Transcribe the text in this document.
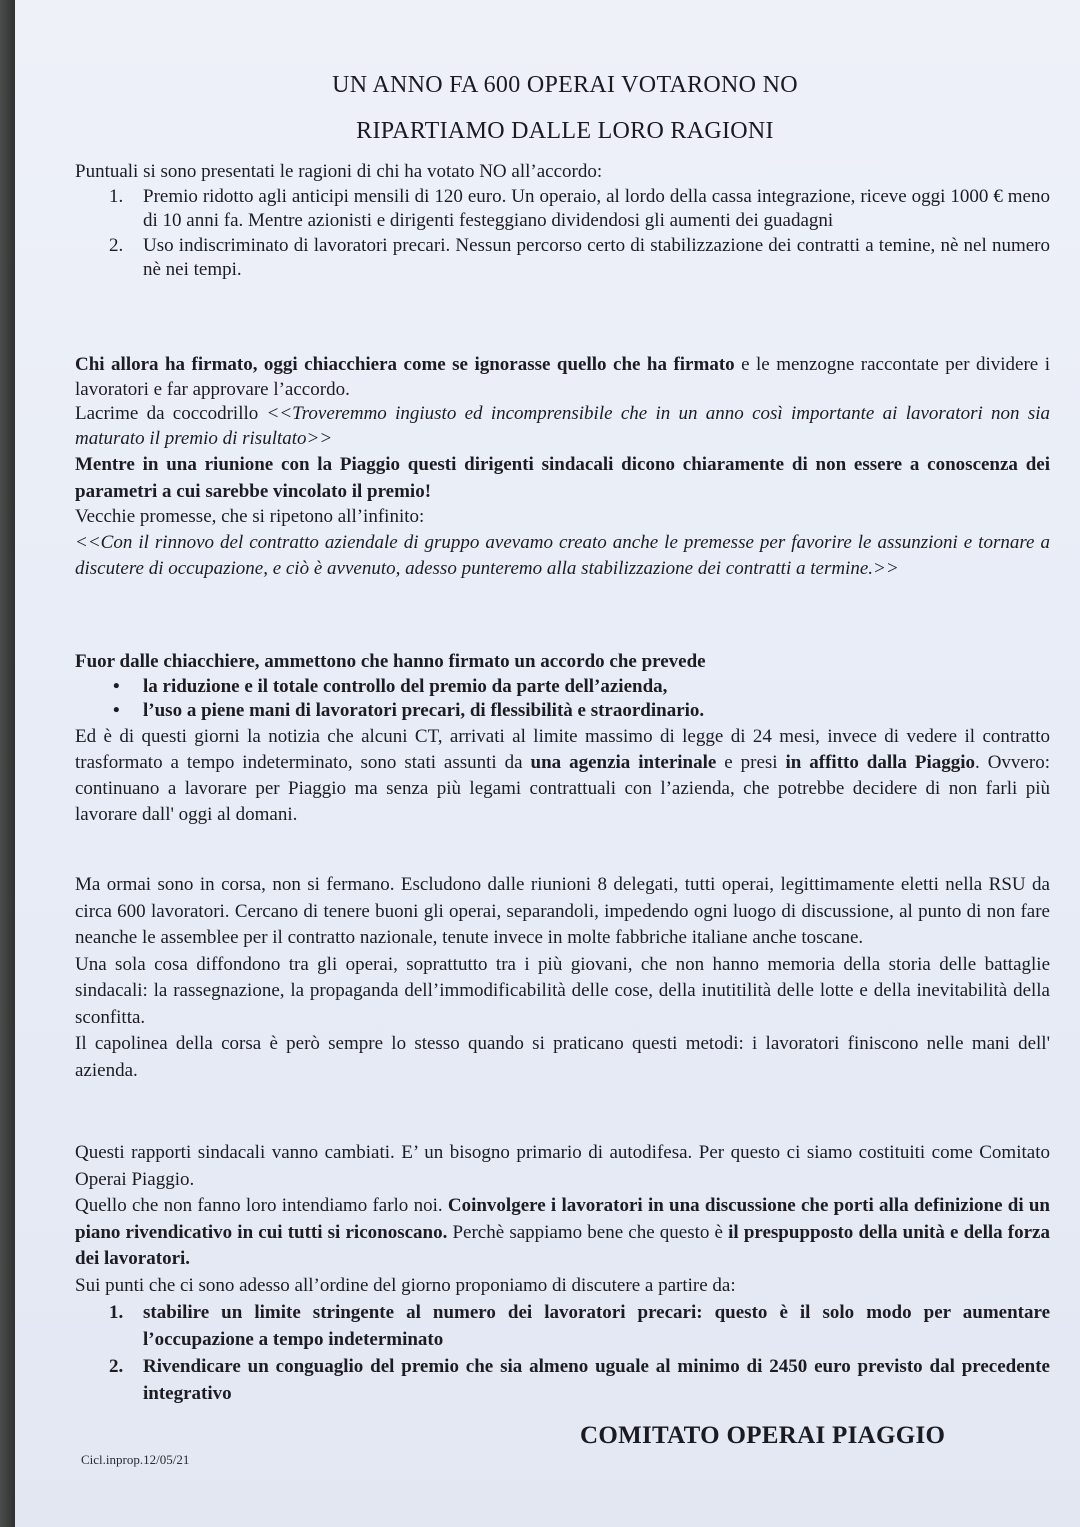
UN ANNO FA 600 OPERAI VOTARONO NO
RIPARTIAMO DALLE LORO RAGIONI
Puntuali si sono presentati le ragioni di chi ha votato NO all’accordo:
1. Premio ridotto agli anticipi mensili di 120 euro. Un operaio, al lordo della cassa integrazione, riceve oggi 1000 € meno di 10 anni fa. Mentre azionisti e dirigenti festeggiano dividendosi gli aumenti dei guadagni
2. Uso indiscriminato di lavoratori precari. Nessun percorso certo di stabilizzazione dei contratti a temine, nè nel numero nè nei tempi.
Chi allora ha firmato, oggi chiacchiera come se ignorasse quello che ha firmato e le menzogne raccontate per dividere i lavoratori e far approvare l’accordo.
Lacrime da coccodrillo <<Troveremmo ingiusto ed incomprensibile che in un anno così importante ai lavoratori non sia maturato il premio di risultato>>
Mentre in una riunione con la Piaggio questi dirigenti sindacali dicono chiaramente di non essere a conoscenza dei parametri a cui sarebbe vincolato il premio!
Vecchie promesse, che si ripetono all’infinito:
<<Con il rinnovo del contratto aziendale di gruppo avevamo creato anche le premesse per favorire le assunzioni e tornare a discutere di occupazione, e ciò è avvenuto, adesso punteremo alla stabilizzazione dei contratti a termine.>>
Fuor dalle chiacchiere, ammettono che hanno firmato un accordo che prevede
• la riduzione e il totale controllo del premio da parte dell’azienda,
• l’uso a piene mani di lavoratori precari, di flessibilità e straordinario.
Ed è di questi giorni la notizia che alcuni CT, arrivati al limite massimo di legge di 24 mesi, invece di vedere il contratto trasformato a tempo indeterminato, sono stati assunti da una agenzia interinale e presi in affitto dalla Piaggio. Ovvero: continuano a lavorare per Piaggio ma senza più legami contrattuali con l’azienda, che potrebbe decidere di non farli più lavorare dall' oggi al domani.
Ma ormai sono in corsa, non si fermano. Escludono dalle riunioni 8 delegati, tutti operai, legittimamente eletti nella RSU da circa 600 lavoratori. Cercano di tenere buoni gli operai, separandoli, impedendo ogni luogo di discussione, al punto di non fare neanche le assemblee per il contratto nazionale, tenute invece in molte fabbriche italiane anche toscane.
Una sola cosa diffondono tra gli operai, soprattutto tra i più giovani, che non hanno memoria della storia delle battaglie sindacali: la rassegnazione, la propaganda dell’immodificabilità delle cose, della inutitilità delle lotte e della inevitabilità della sconfitta.
Il capolinea della corsa è però sempre lo stesso quando si praticano questi metodi: i lavoratori finiscono nelle mani dell' azienda.
Questi rapporti sindacali vanno cambiati. E’ un bisogno primario di autodifesa. Per questo ci siamo costituiti come Comitato Operai Piaggio.
Quello che non fanno loro intendiamo farlo noi. Coinvolgere i lavoratori in una discussione che porti alla definizione di un piano rivendicativo in cui tutti si riconoscano. Perchè sappiamo bene che questo è il prespupposto della unità e della forza dei lavoratori.
Sui punti che ci sono adesso all’ordine del giorno proponiamo di discutere a partire da:
1. stabilire un limite stringente al numero dei lavoratori precari: questo è il solo modo per aumentare l’occupazione a tempo indeterminato
2. Rivendicare un conguaglio del premio che sia almeno uguale al minimo di 2450 euro previsto dal precedente integrativo
COMITATO OPERAI PIAGGIO
Cicl.inprop.12/05/21
